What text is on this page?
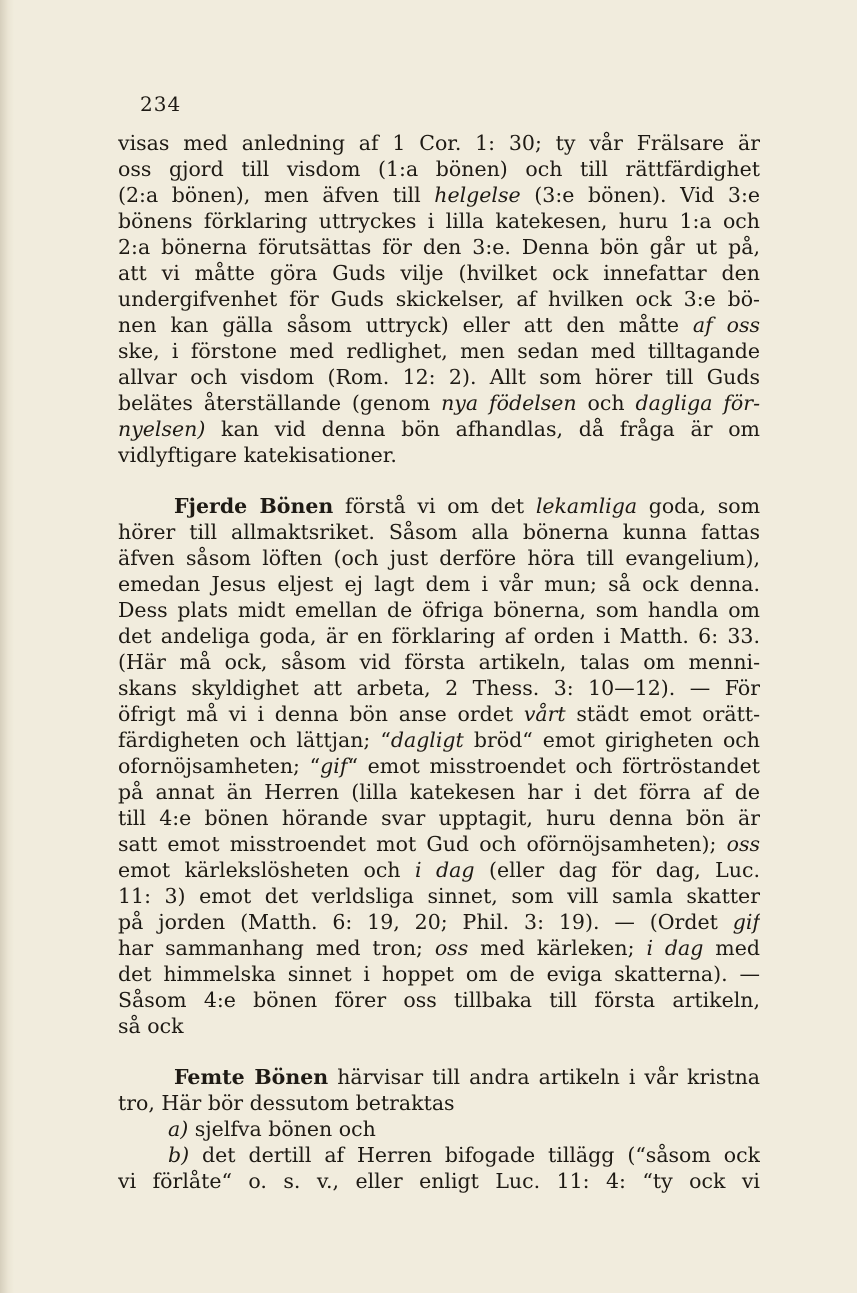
234
visas med anledning af 1 Cor. 1: 30; ty vår Frälsare är
oss gjord till visdom (1:a bönen) och till rättfärdighet
(2:a bönen), men äfven till helgelse (3:e bönen). Vid 3:e
bönens förklaring uttryckes i lilla katekesen, huru 1:a och
2:a bönerna förutsättas för den 3:e. Denna bön går ut på,
att vi måtte göra Guds vilje (hvilket ock innefattar den
undergifvenhet för Guds skickelser, af hvilken ock 3:e bö-
nen kan gälla såsom uttryck) eller att den måtte af oss
ske, i förstone med redlighet, men sedan med tilltagande
allvar och visdom (Rom. 12: 2). Allt som hörer till Guds
belätes återställande (genom nya födelsen och dagliga för-
nyelsen) kan vid denna bön afhandlas, då fråga är om
vidlyftigare katekisationer.
Fjerde Bönen förstå vi om det lekamliga goda, som
hörer till allmaktsriket. Såsom alla bönerna kunna fattas
äfven såsom löften (och just derföre höra till evangelium),
emedan Jesus eljest ej lagt dem i vår mun; så ock denna.
Dess plats midt emellan de öfriga bönerna, som handla om
det andeliga goda, är en förklaring af orden i Matth. 6: 33.
(Här må ock, såsom vid första artikeln, talas om menni-
skans skyldighet att arbeta, 2 Thess. 3: 10—12). — För
öfrigt må vi i denna bön anse ordet vårt städt emot orätt-
färdigheten och lättjan; “dagligt bröd“ emot girigheten och
ofornöjsamheten; “gif“ emot misstroendet och förtröstandet
på annat än Herren (lilla katekesen har i det förra af de
till 4:e bönen hörande svar upptagit, huru denna bön är
satt emot misstroendet mot Gud och oförnöjsamheten); oss
emot kärlekslösheten och i dag (eller dag för dag, Luc.
11: 3) emot det verldsliga sinnet, som vill samla skatter
på jorden (Matth. 6: 19, 20; Phil. 3: 19). — (Ordet gif
har sammanhang med tron; oss med kärleken; i dag med
det himmelska sinnet i hoppet om de eviga skatterna). —
Såsom 4:e bönen förer oss tillbaka till första artikeln,
så ock
Femte Bönen härvisar till andra artikeln i vår kristna
tro, Här bör dessutom betraktas
a) sjelfva bönen och
b) det dertill af Herren bifogade tillägg (“såsom ock
vi förlåte“ o. s. v., eller enligt Luc. 11: 4: “ty ock vi
